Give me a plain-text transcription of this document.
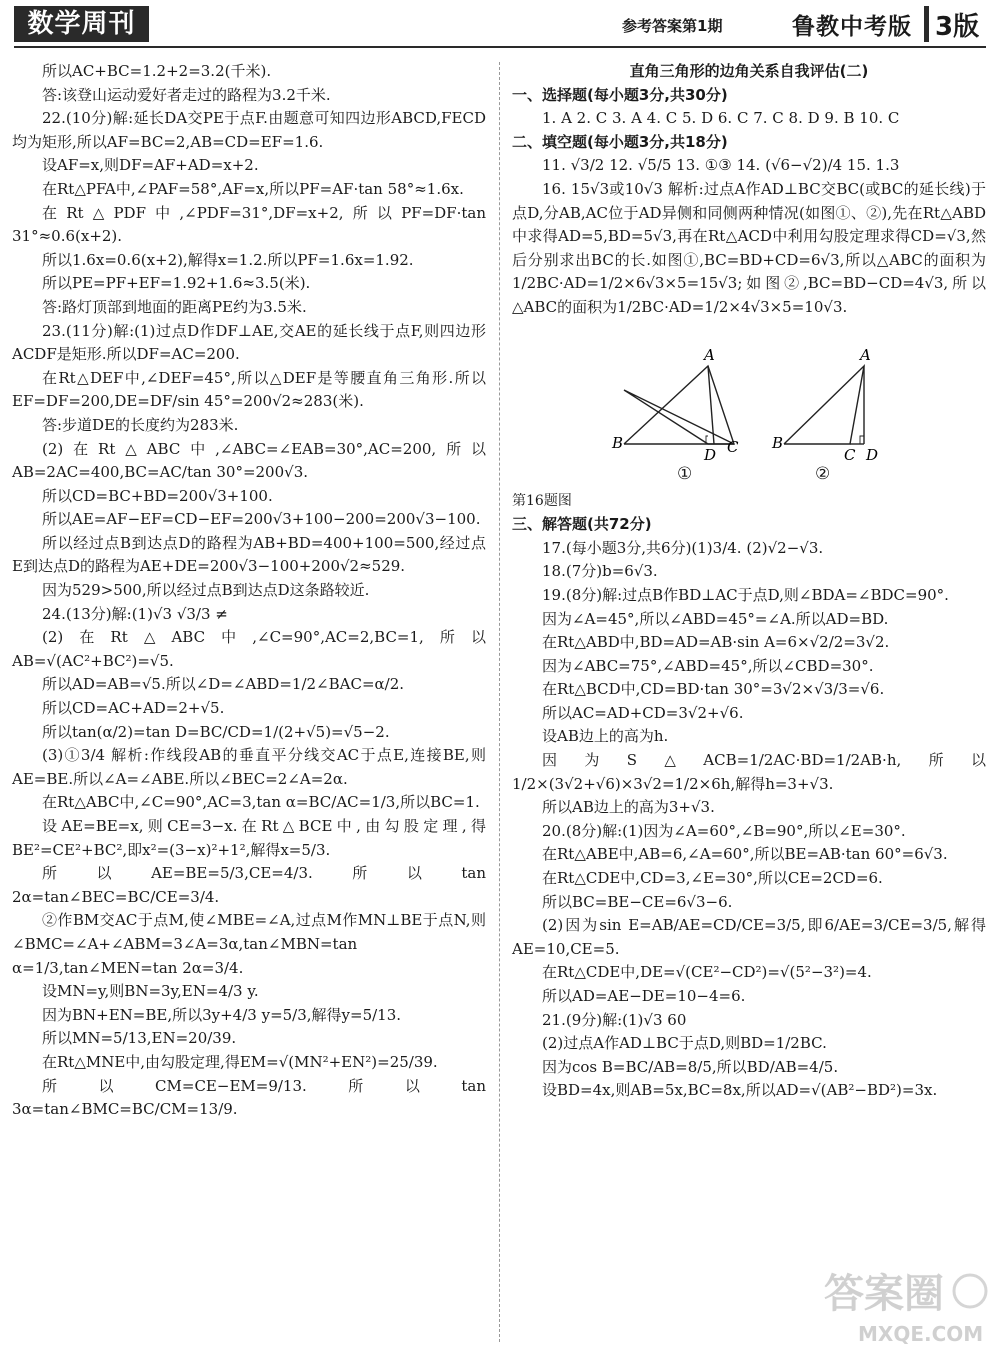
数学周刊	参考答案第1期	鲁教中考版 3版

所以AC+BC=1.2+2=3.2(千米).

答:该登山运动爱好者走过的路程为3.2千米.

22.(10分)解:延长DA交PE于点F.由题意可知四边形ABCD,FECD均为矩形,所以AF=BC=2,AB=CD=EF=1.6.

设AF=x,则DF=AF+AD=x+2.

在Rt△PFA中,∠PAF=58°,AF=x,所以PF=AF·tan 58°≈1.6x.

在Rt△PDF中,∠PDF=31°,DF=x+2,所以PF=DF·tan 31°≈0.6(x+2).

所以1.6x=0.6(x+2),解得x=1.2.所以PF=1.6x=1.92.

所以PE=PF+EF=1.92+1.6≈3.5(米).

答:路灯顶部到地面的距离PE约为3.5米.

23.(11分)解:(1)过点D作DF⊥AE,交AE的延长线于点F,则四边形ACDF是矩形.所以DF=AC=200.

在Rt△DEF中,∠DEF=45°,所以△DEF是等腰直角三角形.所以EF=DF=200,DE=DF/sin 45°=200√2≈283(米).

答:步道DE的长度约为283米.

(2)在Rt△ABC中,∠ABC=∠EAB=30°,AC=200,所以AB=2AC=400,BC=AC/tan 30°=200√3.

所以CD=BC+BD=200√3+100.

所以AE=AF−EF=CD−EF=200√3+100−200=200√3−100.

所以经过点B到达点D的路程为AB+BD=400+100=500,经过点E到达点D的路程为AE+DE=200√3−100+200√2≈529.

因为529>500,所以经过点B到达点D这条路较近.

24.(13分)解:(1)√3 √3/3 ≠

(2)在Rt△ABC中,∠C=90°,AC=2,BC=1,所以AB=√(AC²+BC²)=√5.

所以AD=AB=√5.所以∠D=∠ABD=1/2∠BAC=α/2.

所以CD=AC+AD=2+√5.

所以tan(α/2)=tan D=BC/CD=1/(2+√5)=√5−2.

(3)①3/4 解析:作线段AB的垂直平分线交AC于点E,连接BE,则AE=BE.所以∠A=∠ABE.所以∠BEC=2∠A=2α.

在Rt△ABC中,∠C=90°,AC=3,tan α=BC/AC=1/3,所以BC=1.

设AE=BE=x,则CE=3−x.在Rt△BCE中,由勾股定理,得BE²=CE²+BC²,即x²=(3−x)²+1²,解得x=5/3.

所以AE=BE=5/3,CE=4/3.所以tan 2α=tan∠BEC=BC/CE=3/4.

②作BM交AC于点M,使∠MBE=∠A,过点M作MN⊥BE于点N,则∠BMC=∠A+∠ABM=3∠A=3α,tan∠MBN=tan α=1/3,tan∠MEN=tan 2α=3/4.

设MN=y,则BN=3y,EN=4/3 y.

因为BN+EN=BE,所以3y+4/3 y=5/3,解得y=5/13.

所以MN=5/13,EN=20/39.

在Rt△MNE中,由勾股定理,得EM=√(MN²+EN²)=25/39.

所以CM=CE−EM=9/13.所以tan 3α=tan∠BMC=BC/CM=13/9.

直角三角形的边角关系自我评估(二)

一、选择题(每小题3分,共30分)

1. A 2. C 3. A 4. C 5. D 6. C 7. C 8. D 9. B 10. C

二、填空题(每小题3分,共18分)

11. √3/2 12. √5/5 13. ①③ 14. (√6−√2)/4 15. 1.3

16. 15√3或10√3 解析:过点A作AD⊥BC交BC(或BC的延长线)于点D,分AB,AC位于AD异侧和同侧两种情况(如图①、②),先在Rt△ABD中求得AD=5,BD=5√3,再在Rt△ACD中利用勾股定理求得CD=√3,然后分别求出BC的长.如图①,BC=BD+CD=6√3,所以△ABC的面积为1/2BC·AD=1/2×6√3×5=15√3;如图②,BC=BD−CD=4√3,所以△ABC的面积为1/2BC·AD=1/2×4√3×5=10√3.

A
B	C
D
A
B
C D
①	②

第16题图

三、解答题(共72分)

17.(每小题3分,共6分)(1)3/4. (2)√2−√3.

18.(7分)b=6√3.

19.(8分)解:过点B作BD⊥AC于点D,则∠BDA=∠BDC=90°.

因为∠A=45°,所以∠ABD=45°=∠A.所以AD=BD.

在Rt△ABD中,BD=AD=AB·sin A=6×√2/2=3√2.

因为∠ABC=75°,∠ABD=45°,所以∠CBD=30°.

在Rt△BCD中,CD=BD·tan 30°=3√2×√3/3=√6.

所以AC=AD+CD=3√2+√6.

设AB边上的高为h.

因为S△ACB=1/2AC·BD=1/2AB·h,所以1/2×(3√2+√6)×3√2=1/2×6h,解得h=3+√3.

所以AB边上的高为3+√3.

20.(8分)解:(1)因为∠A=60°,∠B=90°,所以∠E=30°.

在Rt△ABE中,AB=6,∠A=60°,所以BE=AB·tan 60°=6√3.

在Rt△CDE中,CD=3,∠E=30°,所以CE=2CD=6.

所以BC=BE−CE=6√3−6.

(2)因为sin E=AB/AE=CD/CE=3/5,即6/AE=3/CE=3/5,解得AE=10,CE=5.

在Rt△CDE中,DE=√(CE²−CD²)=√(5²−3²)=4.

所以AD=AE−DE=10−4=6.

21.(9分)解:(1)√3 60

(2)过点A作AD⊥BC于点D,则BD=1/2BC.

因为cos B=BC/AB=8/5,所以BD/AB=4/5.

设BD=4x,则AB=5x,BC=8x,所以AD=√(AB²−BD²)=3x.

答案圈
MXQE.COM
